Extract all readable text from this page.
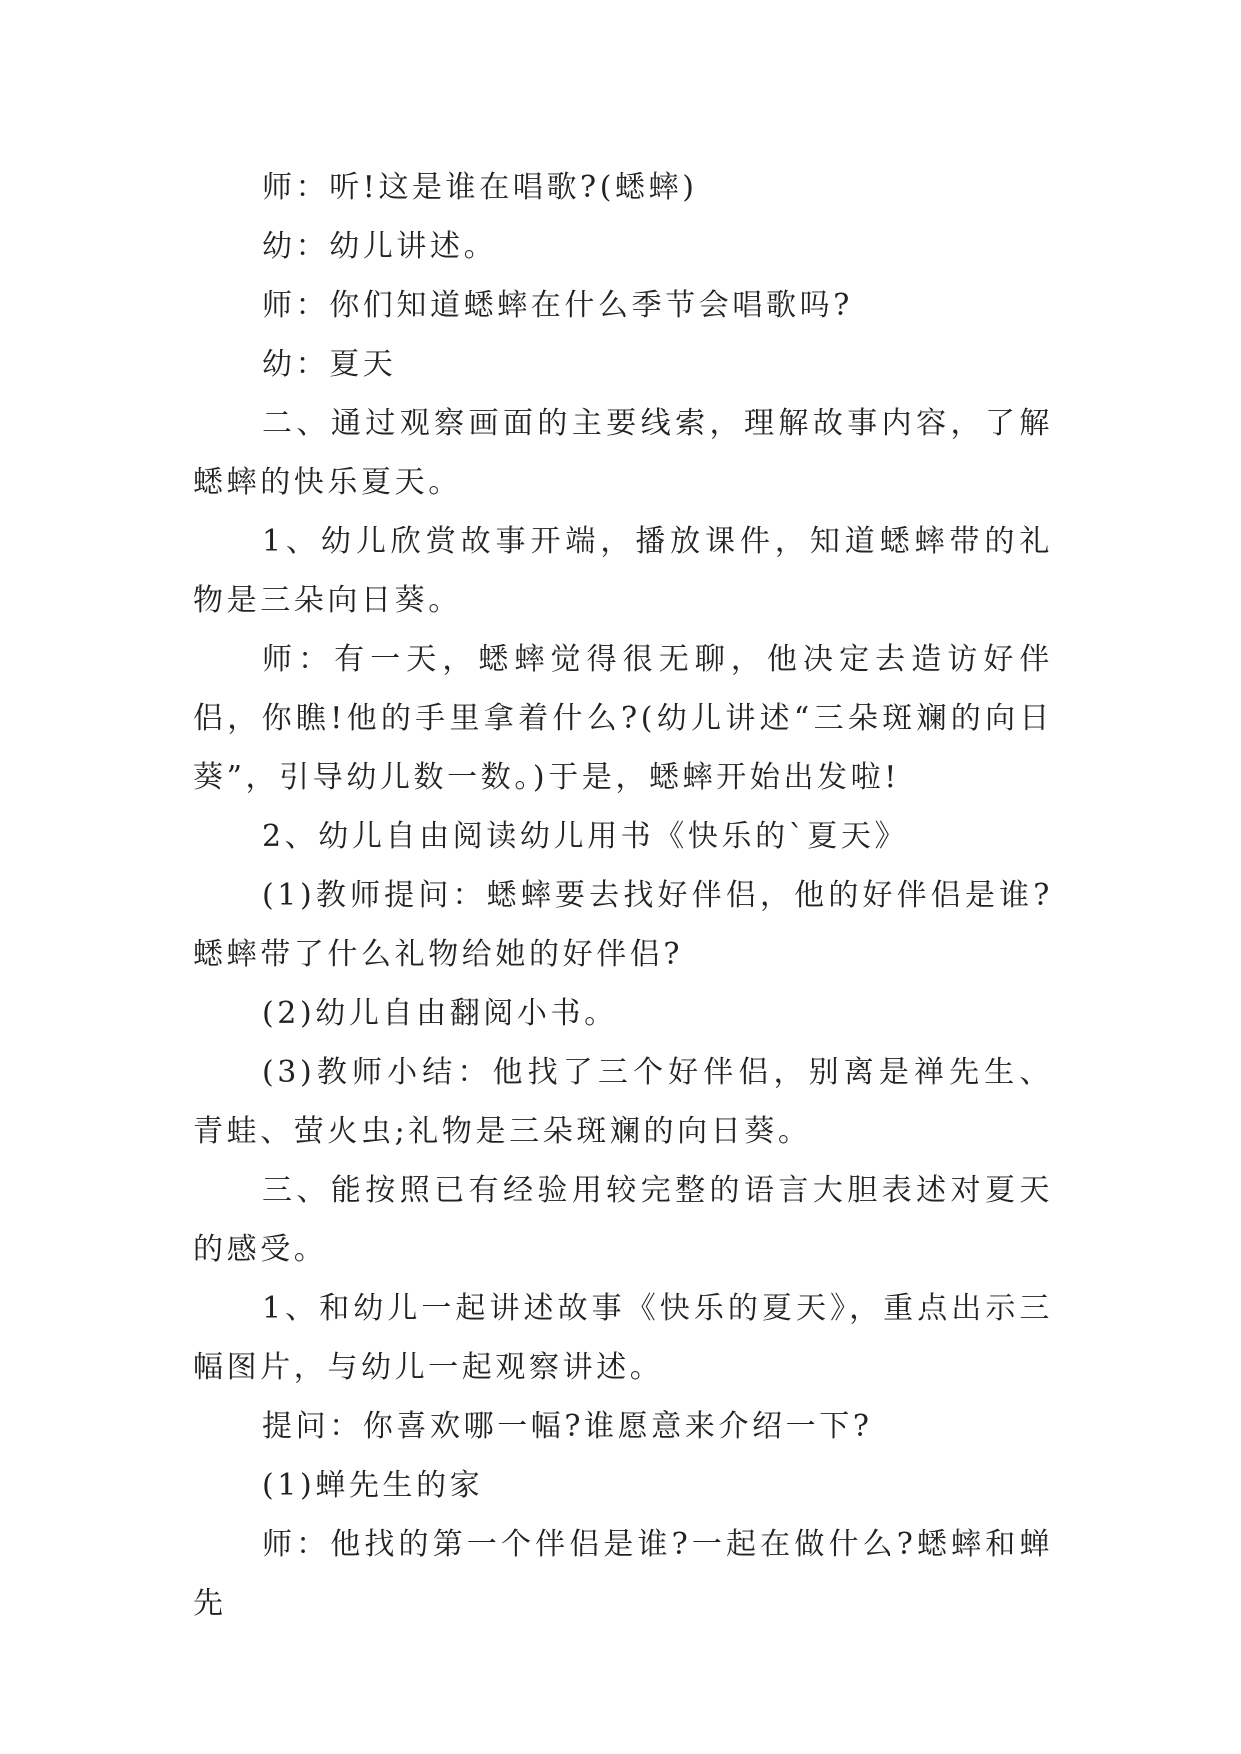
师：听!这是谁在唱歌?(蟋蟀)

幼：幼儿讲述。

师：你们知道蟋蟀在什么季节会唱歌吗?

幼：夏天

二、通过观察画面的主要线索，理解故事内容，了解蟋蟀的快乐夏天。

1、幼儿欣赏故事开端，播放课件，知道蟋蟀带的礼物是三朵向日葵。

师：有一天，蟋蟀觉得很无聊，他决定去造访好伴侣，你瞧!他的手里拿着什么?(幼儿讲述“三朵斑斓的向日葵”，引导幼儿数一数。)于是，蟋蟀开始出发啦!

2、幼儿自由阅读幼儿用书《快乐的`夏天》

(1)教师提问：蟋蟀要去找好伴侣，他的好伴侣是谁?蟋蟀带了什么礼物给她的好伴侣?

(2)幼儿自由翻阅小书。

(3)教师小结：他找了三个好伴侣，别离是禅先生、青蛙、萤火虫;礼物是三朵斑斓的向日葵。

三、能按照已有经验用较完整的语言大胆表述对夏天的感受。

1、和幼儿一起讲述故事《快乐的夏天》，重点出示三幅图片，与幼儿一起观察讲述。

提问：你喜欢哪一幅?谁愿意来介绍一下?

(1)蝉先生的家

师：他找的第一个伴侣是谁?一起在做什么?蟋蟀和蝉先
